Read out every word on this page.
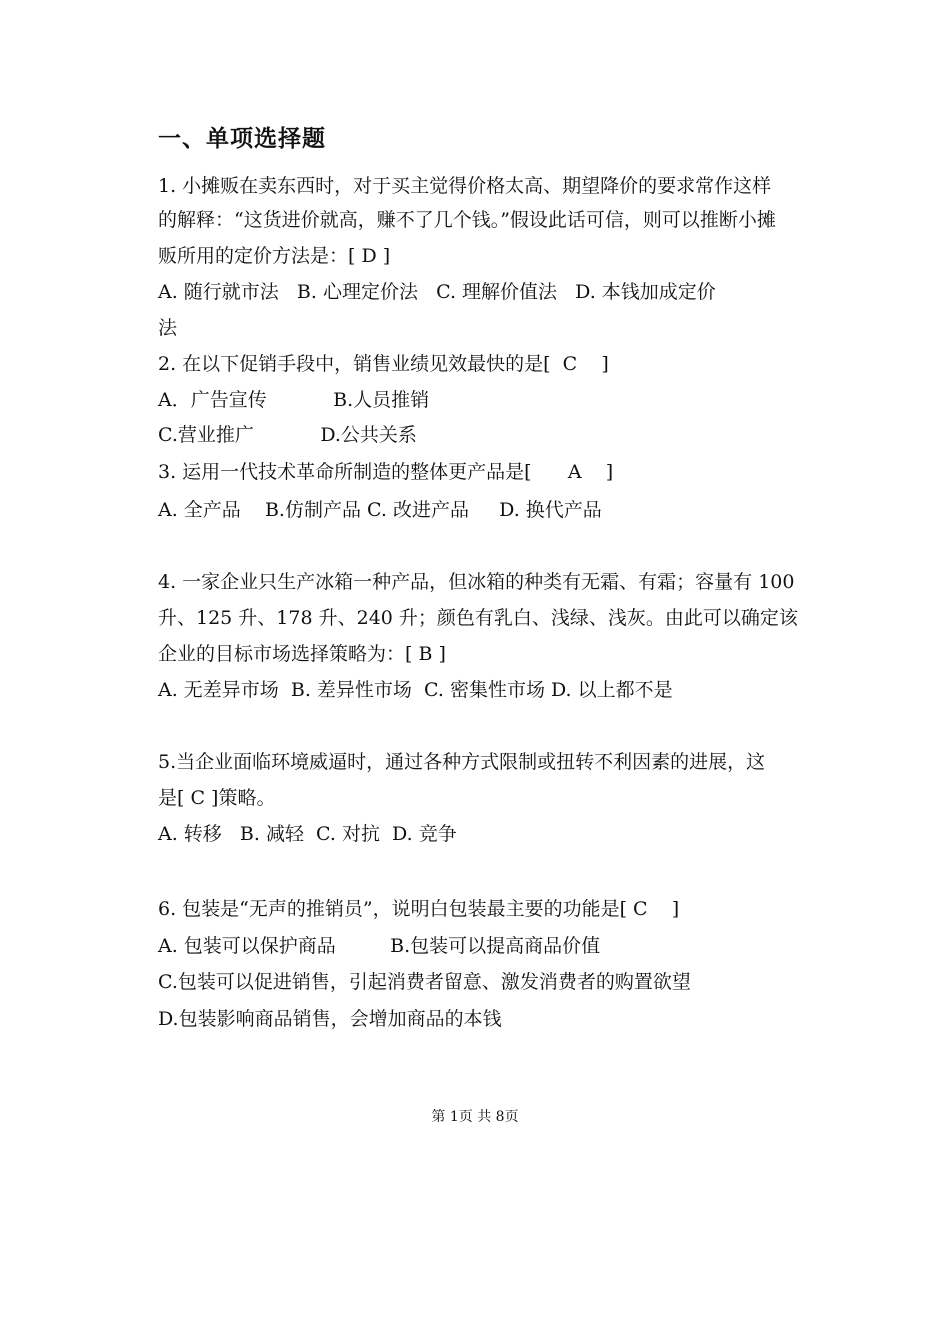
一、单项选择题
1. 小摊贩在卖东西时，对于买主觉得价格太高、期望降价的要求常作这样
的解释：“这货进价就高，赚不了几个钱。”假设此话可信，则可以推断小摊
贩所用的定价方法是：[ D ]
A. 随行就市法   B. 心理定价法   C. 理解价值法   D. 本钱加成定价
法
2. 在以下促销手段中，销售业绩见效最快的是[  C    ]
A．广告宣传           B.人员推销
C.营业推广           D.公共关系
3. 运用一代技术革命所制造的整体更产品是[      A    ]
A. 全产品    B.仿制产品 C. 改进产品     D. 换代产品
4. 一家企业只生产冰箱一种产品，但冰箱的种类有无霜、有霜；容量有 100
升、125 升、178 升、240 升；颜色有乳白、浅绿、浅灰。由此可以确定该
企业的目标市场选择策略为：[ B ]
A. 无差异市场  B. 差异性市场  C. 密集性市场 D. 以上都不是
5.当企业面临环境威逼时，通过各种方式限制或扭转不利因素的进展，这
是[ C ]策略。
A. 转移   B. 减轻  C. 对抗  D. 竞争
6. 包装是“无声的推销员”，说明白包装最主要的功能是[ C    ]
A. 包装可以保护商品         B.包装可以提高商品价值
C.包装可以促进销售，引起消费者留意、激发消费者的购置欲望
D.包装影响商品销售，会增加商品的本钱
第 1页 共 8页
